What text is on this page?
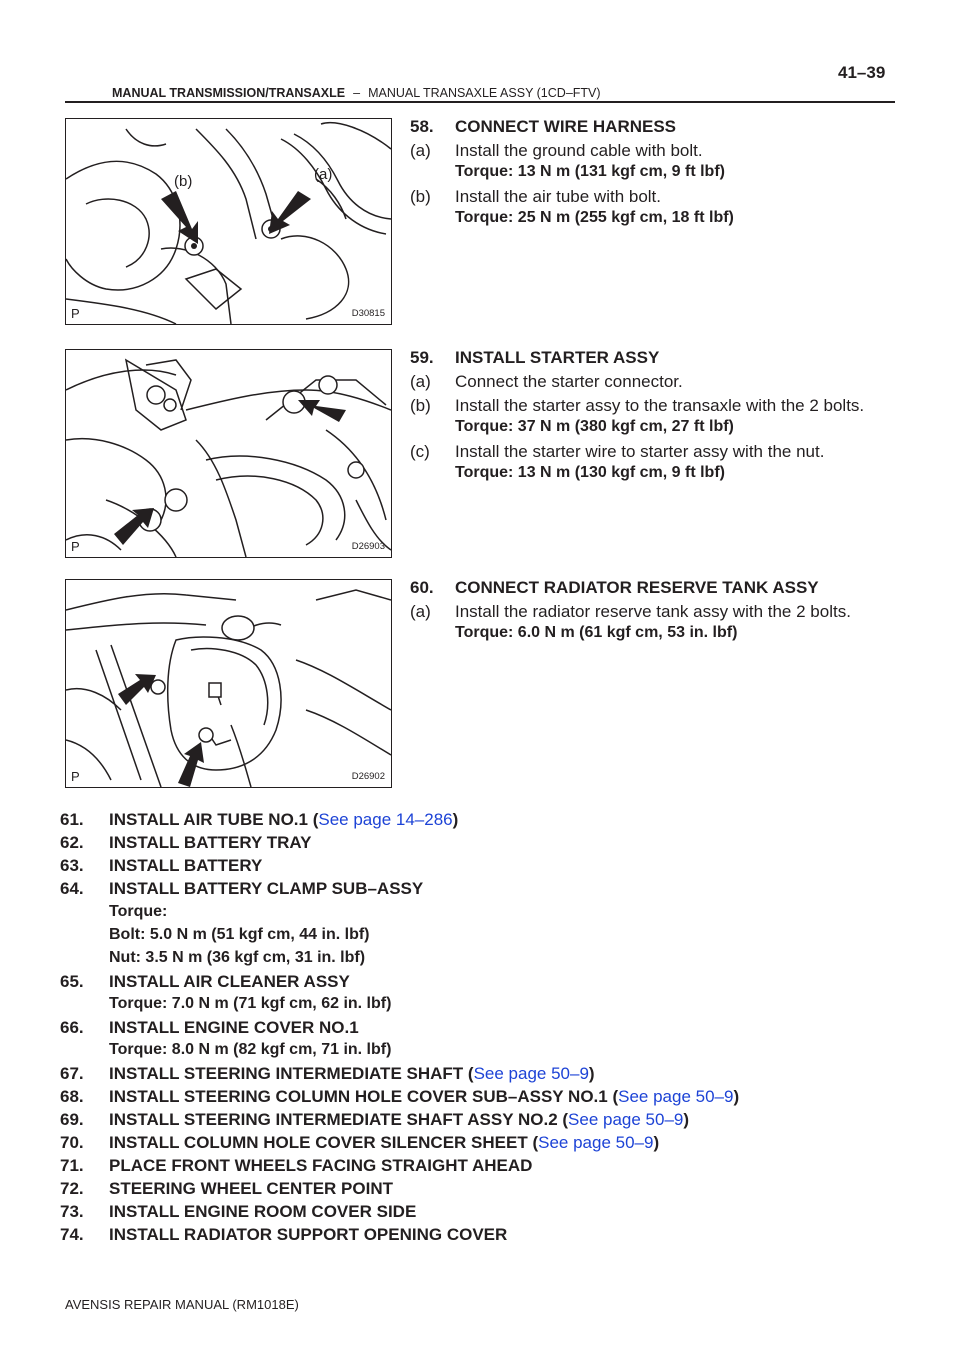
MANUAL TRANSMISSION/TRANSAXLE – MANUAL TRANSAXLE ASSY (1CD–FTV)
41–39
(b)	(a)
P	D30815
58. CONNECT WIRE HARNESS
(a) Install the ground cable with bolt.
Torque: 13 N m (131 kgf cm, 9 ft lbf)
(b) Install the air tube with bolt.
Torque: 25 N m (255 kgf cm, 18 ft lbf)
P	D26903
59. INSTALL STARTER ASSY
(a) Connect the starter connector.
(b) Install the starter assy to the transaxle with the 2 bolts.
Torque: 37 N m (380 kgf cm, 27 ft lbf)
(c) Install the starter wire to starter assy with the nut.
Torque: 13 N m (130 kgf cm, 9 ft lbf)
P	D26902
60. CONNECT RADIATOR RESERVE TANK ASSY
(a) Install the radiator reserve tank assy with the 2 bolts.
Torque: 6.0 N m (61 kgf cm, 53 in. lbf)
61. INSTALL AIR TUBE NO.1 (See page 14–286)
62. INSTALL BATTERY TRAY
63. INSTALL BATTERY
64. INSTALL BATTERY CLAMP SUB–ASSY
Torque:
Bolt: 5.0 N m (51 kgf cm, 44 in. lbf)
Nut: 3.5 N m (36 kgf cm, 31 in. lbf)
65. INSTALL AIR CLEANER ASSY
Torque: 7.0 N m (71 kgf cm, 62 in. lbf)
66. INSTALL ENGINE COVER NO.1
Torque: 8.0 N m (82 kgf cm, 71 in. lbf)
67. INSTALL STEERING INTERMEDIATE SHAFT (See page 50–9)
68. INSTALL STEERING COLUMN HOLE COVER SUB–ASSY NO.1 (See page 50–9)
69. INSTALL STEERING INTERMEDIATE SHAFT ASSY NO.2 (See page 50–9)
70. INSTALL COLUMN HOLE COVER SILENCER SHEET (See page 50–9)
71. PLACE FRONT WHEELS FACING STRAIGHT AHEAD
72. STEERING WHEEL CENTER POINT
73. INSTALL ENGINE ROOM COVER SIDE
74. INSTALL RADIATOR SUPPORT OPENING COVER
AVENSIS REPAIR MANUAL (RM1018E)
